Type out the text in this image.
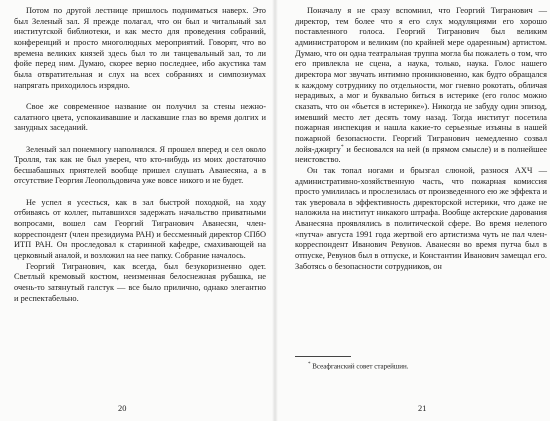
Потом по другой лестнице пришлось подниматься наверх. Это был Зеленый зал. Я прежде полагал, что он был и читальный зал институтской библиотеки, и как место для проведения собраний, конференций и просто многолюдных мероприятий. Говорят, что во времена великих князей здесь был то ли танцевальный зал, то ли фойе перед ним. Думаю, скорее верно последнее, ибо акустика там была отвратительная и слух на всех собраниях и симпозиумах напрягать приходилось изрядно.

Свое же современное название он получил за стены нежно-салатного цвета, успокаивавшие и ласкавшие глаз во время долгих и занудных заседаний.

Зеленый зал понемногу наполнялся. Я прошел вперед и сел около Тролля, так как не был уверен, что кто-нибудь из моих достаточно бесшабашных приятелей вообще пришел слушать Аванесяна, а в отсутствие Георгия Леопольдовича уже вовсе никого и не будет.

Не успел я усесться, как в зал быстрой походкой, на ходу отбиваясь от коллег, пытавшихся задержать начальство приватными вопросами, вошел сам Георгий Тигранович Аванесян, член-корреспондент (член президиума РАН) и бессменный директор СПбО ИТП РАН. Он проследовал к старинной кафедре, смахивающей на церковный аналой, и возложил на нее папку. Собрание началось.

Георгий Тигранович, как всегда, был безукоризненно одет. Светлый кремовый костюм, неизменная белоснежная рубашка, не очень-то затянутый галстук — все было прилично, однако элегантно и респектабельно.

20

Поначалу я не сразу вспомнил, что Георгий Тигранович — директор, тем более что я его слух модуляциями его хорошо поставленного голоса. Георгий Тигранович был великим администратором и великим (по крайней мере одаренным) артистом. Думаю, что он одна театральная труппа могла бы пожалеть о том, что его привлекла не сцена, а наука, только, наука. Голос нашего директора мог звучать интимно проникновенно, как будто обращался к каждому сотруднику по отдельности, мог гневно рокотать, обличая нерадивых, а мог и буквально биться в истерике (его голос можно сказать, что он «бьется в истерике»). Никогда не забуду один эпизод, имевший место лет десять тому назад. Тогда институт посетила пожарная инспекция и нашла какие-то серьезные изъяны в нашей пожарной безопасности. Георгий Тигранович немедленно созвал лойя-джиргу* и бесновался на ней (в прямом смысле) и в полнейшее неистовство.

Он так топал ногами и брызгал слюной, разнося АХЧ — административно-хозяйственную часть, что пожарная комиссия просто умилилась и прослезилась от произведенного ею же эффекта и так уверовала в эффективность директорской истерики, что даже не наложила на институт никакого штрафа. Вообще актерские дарования Аванесяна проявлялись в политической сфере. Во время нелепого «путча» августа 1991 года жертвой его артистизма чуть не пал член-корреспондент Иванович Ревунов. Аванесян во время путча был в отпуске, Ревунов был в отпуске, и Константин Иванович замещал его. Заботясь о безопасности сотрудников, он

* Всеафганский совет старейшин.
21
